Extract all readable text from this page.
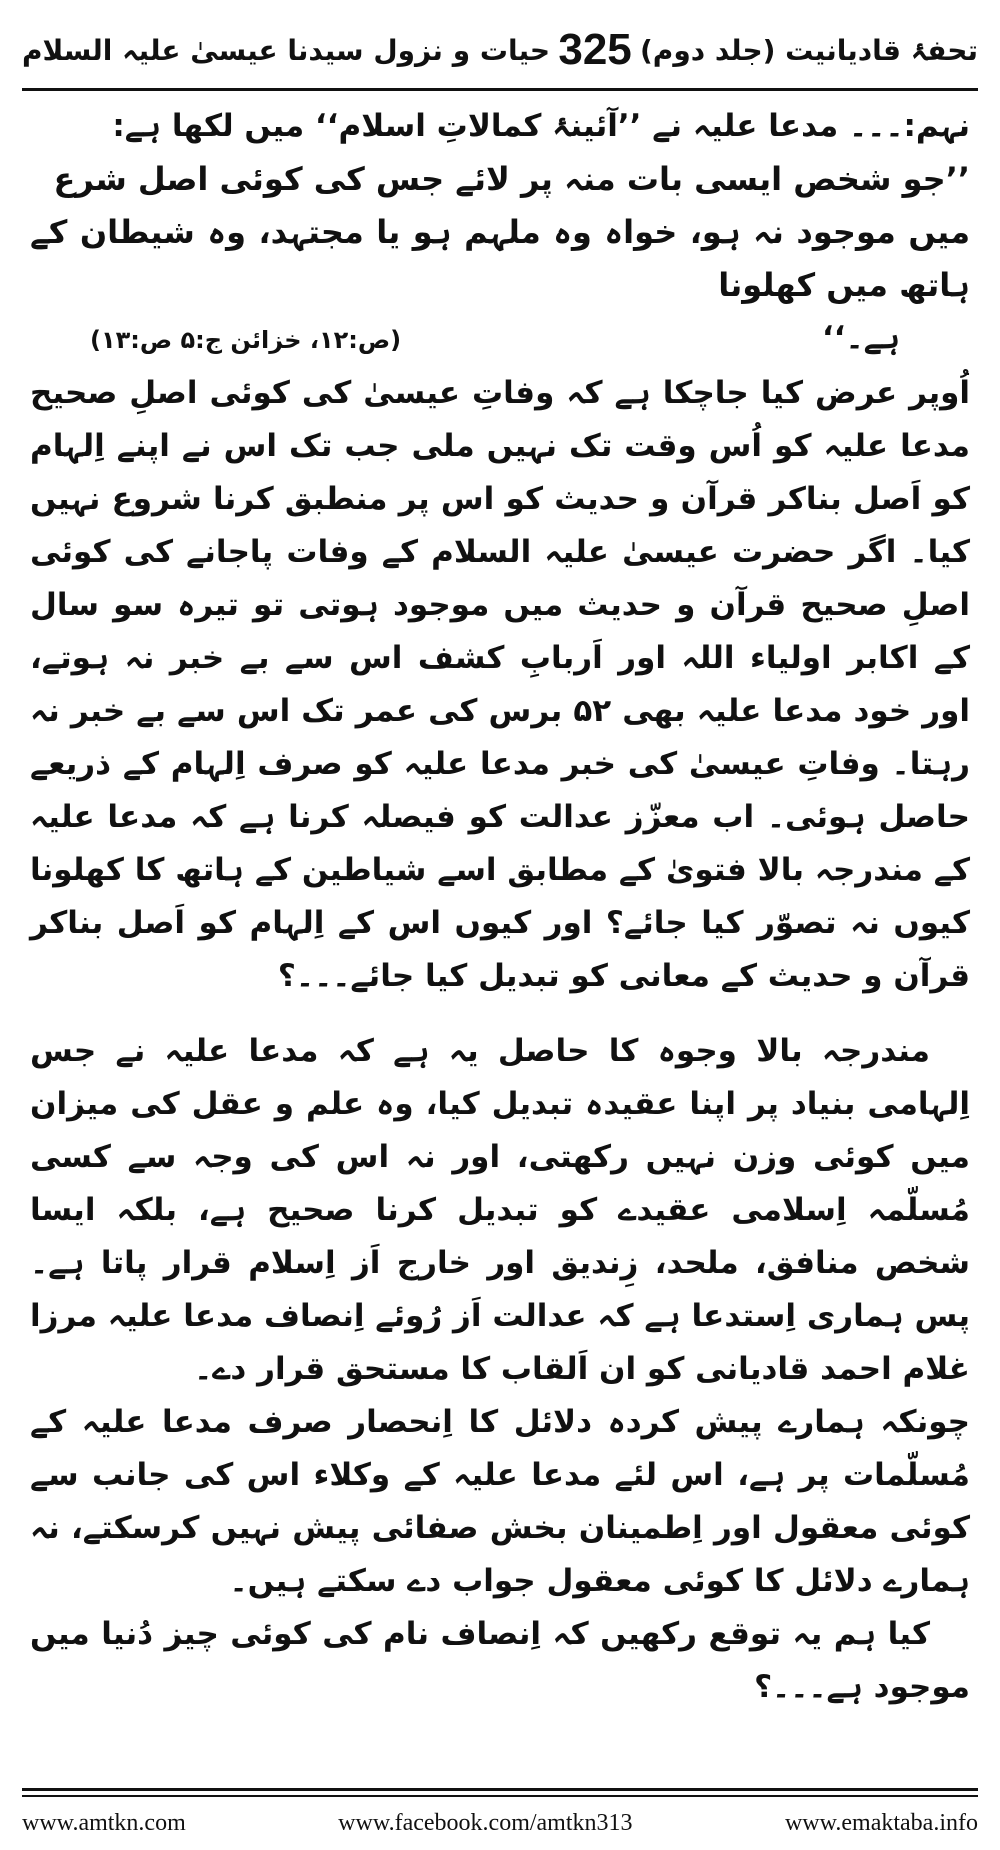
تحفۂ قادیانیت (جلد دوم)
325
حیات و نزول سیدنا عیسیٰ علیہ السلام

نہم:۔۔۔ مدعا علیہ نے ’’آئینۂ کمالاتِ اسلام‘‘ میں لکھا ہے:

’’جو شخص ایسی بات منہ پر لائے جس کی کوئی اصل شرع

میں موجود نہ ہو، خواہ وہ ملہم ہو یا مجتہد، وہ شیطان کے ہاتھ میں کھلونا

ہے۔‘‘
(ص:۱۲، خزائن ج:۵ ص:۱۳)

اُوپر عرض کیا جاچکا ہے کہ وفاتِ عیسیٰ کی کوئی اصلِ صحیح مدعا علیہ کو اُس وقت تک نہیں ملی جب تک اس نے اپنے اِلہام کو اَصل بناکر قرآن و حدیث کو اس پر منطبق کرنا شروع نہیں کیا۔ اگر حضرت عیسیٰ علیہ السلام کے وفات پاجانے کی کوئی اصلِ صحیح قرآن و حدیث میں موجود ہوتی تو تیرہ سو سال کے اکابر اولیاء اللہ اور اَربابِ کشف اس سے بے خبر نہ ہوتے، اور خود مدعا علیہ بھی ۵۲ برس کی عمر تک اس سے بے خبر نہ رہتا۔ وفاتِ عیسیٰ کی خبر مدعا علیہ کو صرف اِلہام کے ذریعے حاصل ہوئی۔ اب معزّز عدالت کو فیصلہ کرنا ہے کہ مدعا علیہ کے مندرجہ بالا فتویٰ کے مطابق اسے شیاطین کے ہاتھ کا کھلونا کیوں نہ تصوّر کیا جائے؟ اور کیوں اس کے اِلہام کو اَصل بناکر قرآن و حدیث کے معانی کو تبدیل کیا جائے۔۔۔؟

مندرجہ بالا وجوہ کا حاصل یہ ہے کہ مدعا علیہ نے جس اِلہامی بنیاد پر اپنا عقیدہ تبدیل کیا، وہ علم و عقل کی میزان میں کوئی وزن نہیں رکھتی، اور نہ اس کی وجہ سے کسی مُسلّمہ اِسلامی عقیدے کو تبدیل کرنا صحیح ہے، بلکہ ایسا شخص منافق، ملحد، زِندیق اور خارج اَز اِسلام قرار پاتا ہے۔ پس ہماری اِستدعا ہے کہ عدالت اَز رُوئے اِنصاف مدعا علیہ مرزا غلام احمد قادیانی کو ان اَلقاب کا مستحق قرار دے۔

چونکہ ہمارے پیش کردہ دلائل کا اِنحصار صرف مدعا علیہ کے مُسلّمات پر ہے، اس لئے مدعا علیہ کے وکلاء اس کی جانب سے کوئی معقول اور اِطمینان بخش صفائی پیش نہیں کرسکتے، نہ ہمارے دلائل کا کوئی معقول جواب دے سکتے ہیں۔

کیا ہم یہ توقع رکھیں کہ اِنصاف نام کی کوئی چیز دُنیا میں موجود ہے۔۔۔؟

www.amtkn.com	www.facebook.com/amtkn313	www.emaktaba.info
